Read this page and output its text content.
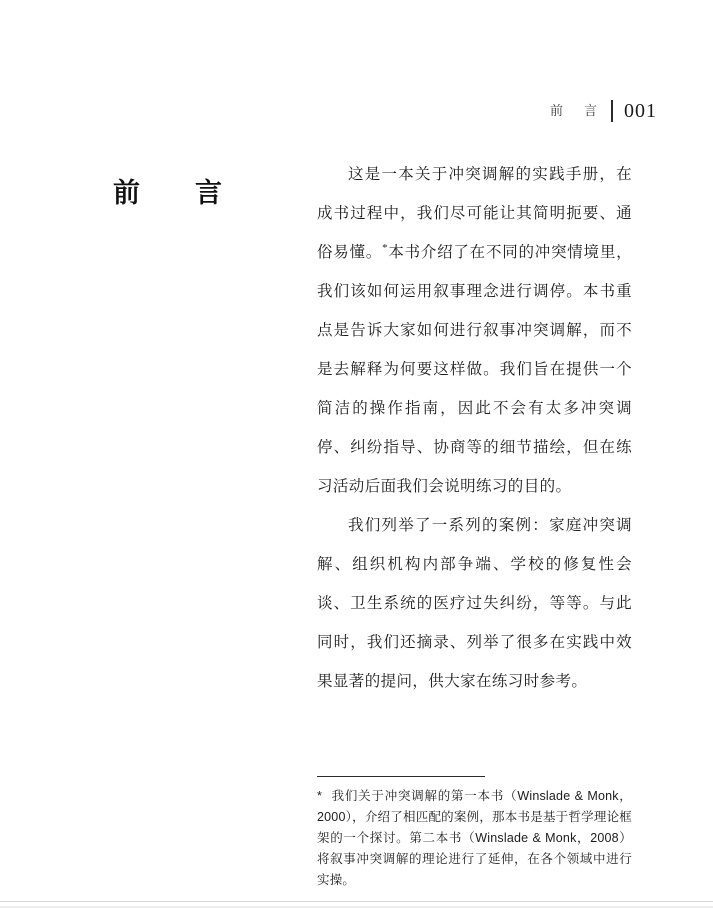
前　言	001
前　言

这是一本关于冲突调解的实践手册，在成书过程中，我们尽可能让其简明扼要、通俗易懂。*本书介绍了在不同的冲突情境里，我们该如何运用叙事理念进行调停。本书重点是告诉大家如何进行叙事冲突调解，而不是去解释为何要这样做。我们旨在提供一个简洁的操作指南，因此不会有太多冲突调停、纠纷指导、协商等的细节描绘，但在练习活动后面我们会说明练习的目的。

我们列举了一系列的案例：家庭冲突调解、组织机构内部争端、学校的修复性会谈、卫生系统的医疗过失纠纷，等等。与此同时，我们还摘录、列举了很多在实践中效果显著的提问，供大家在练习时参考。

* 我们关于冲突调解的第一本书（Winslade & Monk，2000），介绍了相匹配的案例，那本书是基于哲学理论框架的一个探讨。第二本书（Winslade & Monk，2008）将叙事冲突调解的理论进行了延伸，在各个领域中进行实操。
